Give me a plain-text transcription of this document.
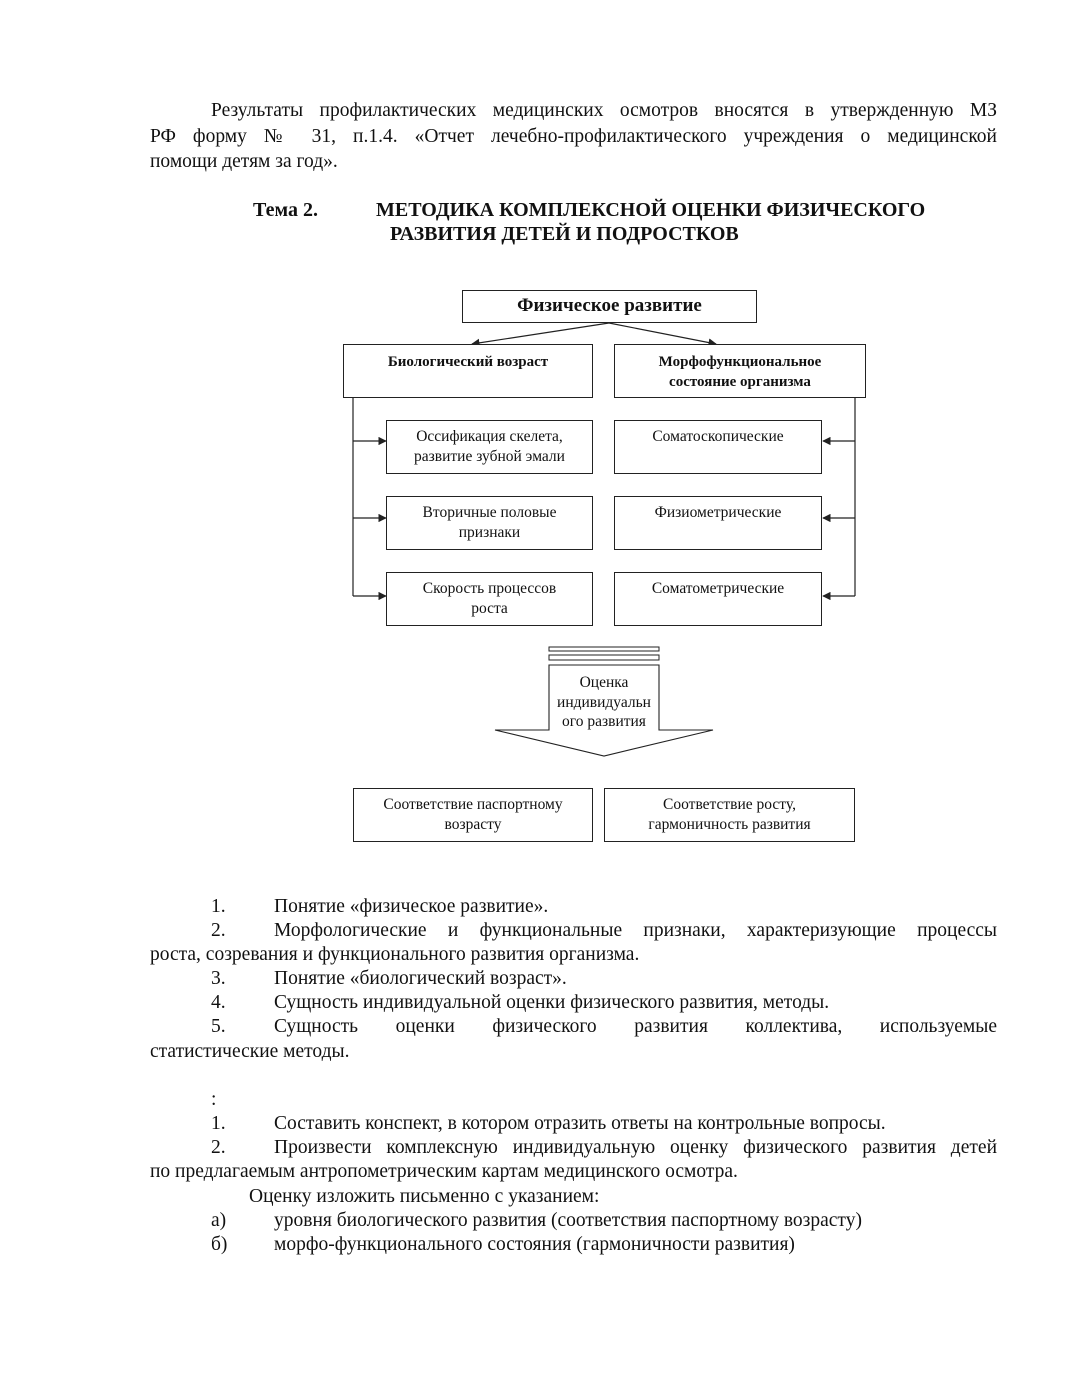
Результаты профилактических медицинских осмотров вносятся в утвержденную МЗ
РФ форму № 31, п.1.4. «Отчет лечебно-профилактического учреждения о медицинской
помощи детям за год».
Тема 2.	МЕТОДИКА КОМПЛЕКСНОЙ ОЦЕНКИ ФИЗИЧЕСКОГО
РАЗВИТИЯ ДЕТЕЙ И ПОДРОСТКОВ
Физическое развитие
Биологический возраст	Морфофункциональное
состояние организма
Оссификация скелета,
развитие зубной эмали
Вторичные половые
признаки
Скорость процессов
роста
Соматоскопические
Физиометрические
Соматометрические
Оценка
индивидуальн
ого развития
Соответствие паспортному
возрасту
Соответствие росту,
гармоничность развития
1. Понятие «физическое развитие».
2. Морфологические и функциональные признаки, характеризующие процессы
роста, созревания и функционального развития организма.
3. Понятие «биологический возраст».
4. Сущность индивидуальной оценки физического развития, методы.
5. Сущность оценки физического развития коллектива, используемые
статистические методы.
:
1. Составить конспект, в котором отразить ответы на контрольные вопросы.
2. Произвести комплексную индивидуальную оценку физического развития детей
по предлагаемым антропометрическим картам медицинского осмотра.
Оценку изложить письменно с указанием:
а) уровня биологического развития (соответствия паспортному возрасту)
б) морфо-функционального состояния (гармоничности развития)
